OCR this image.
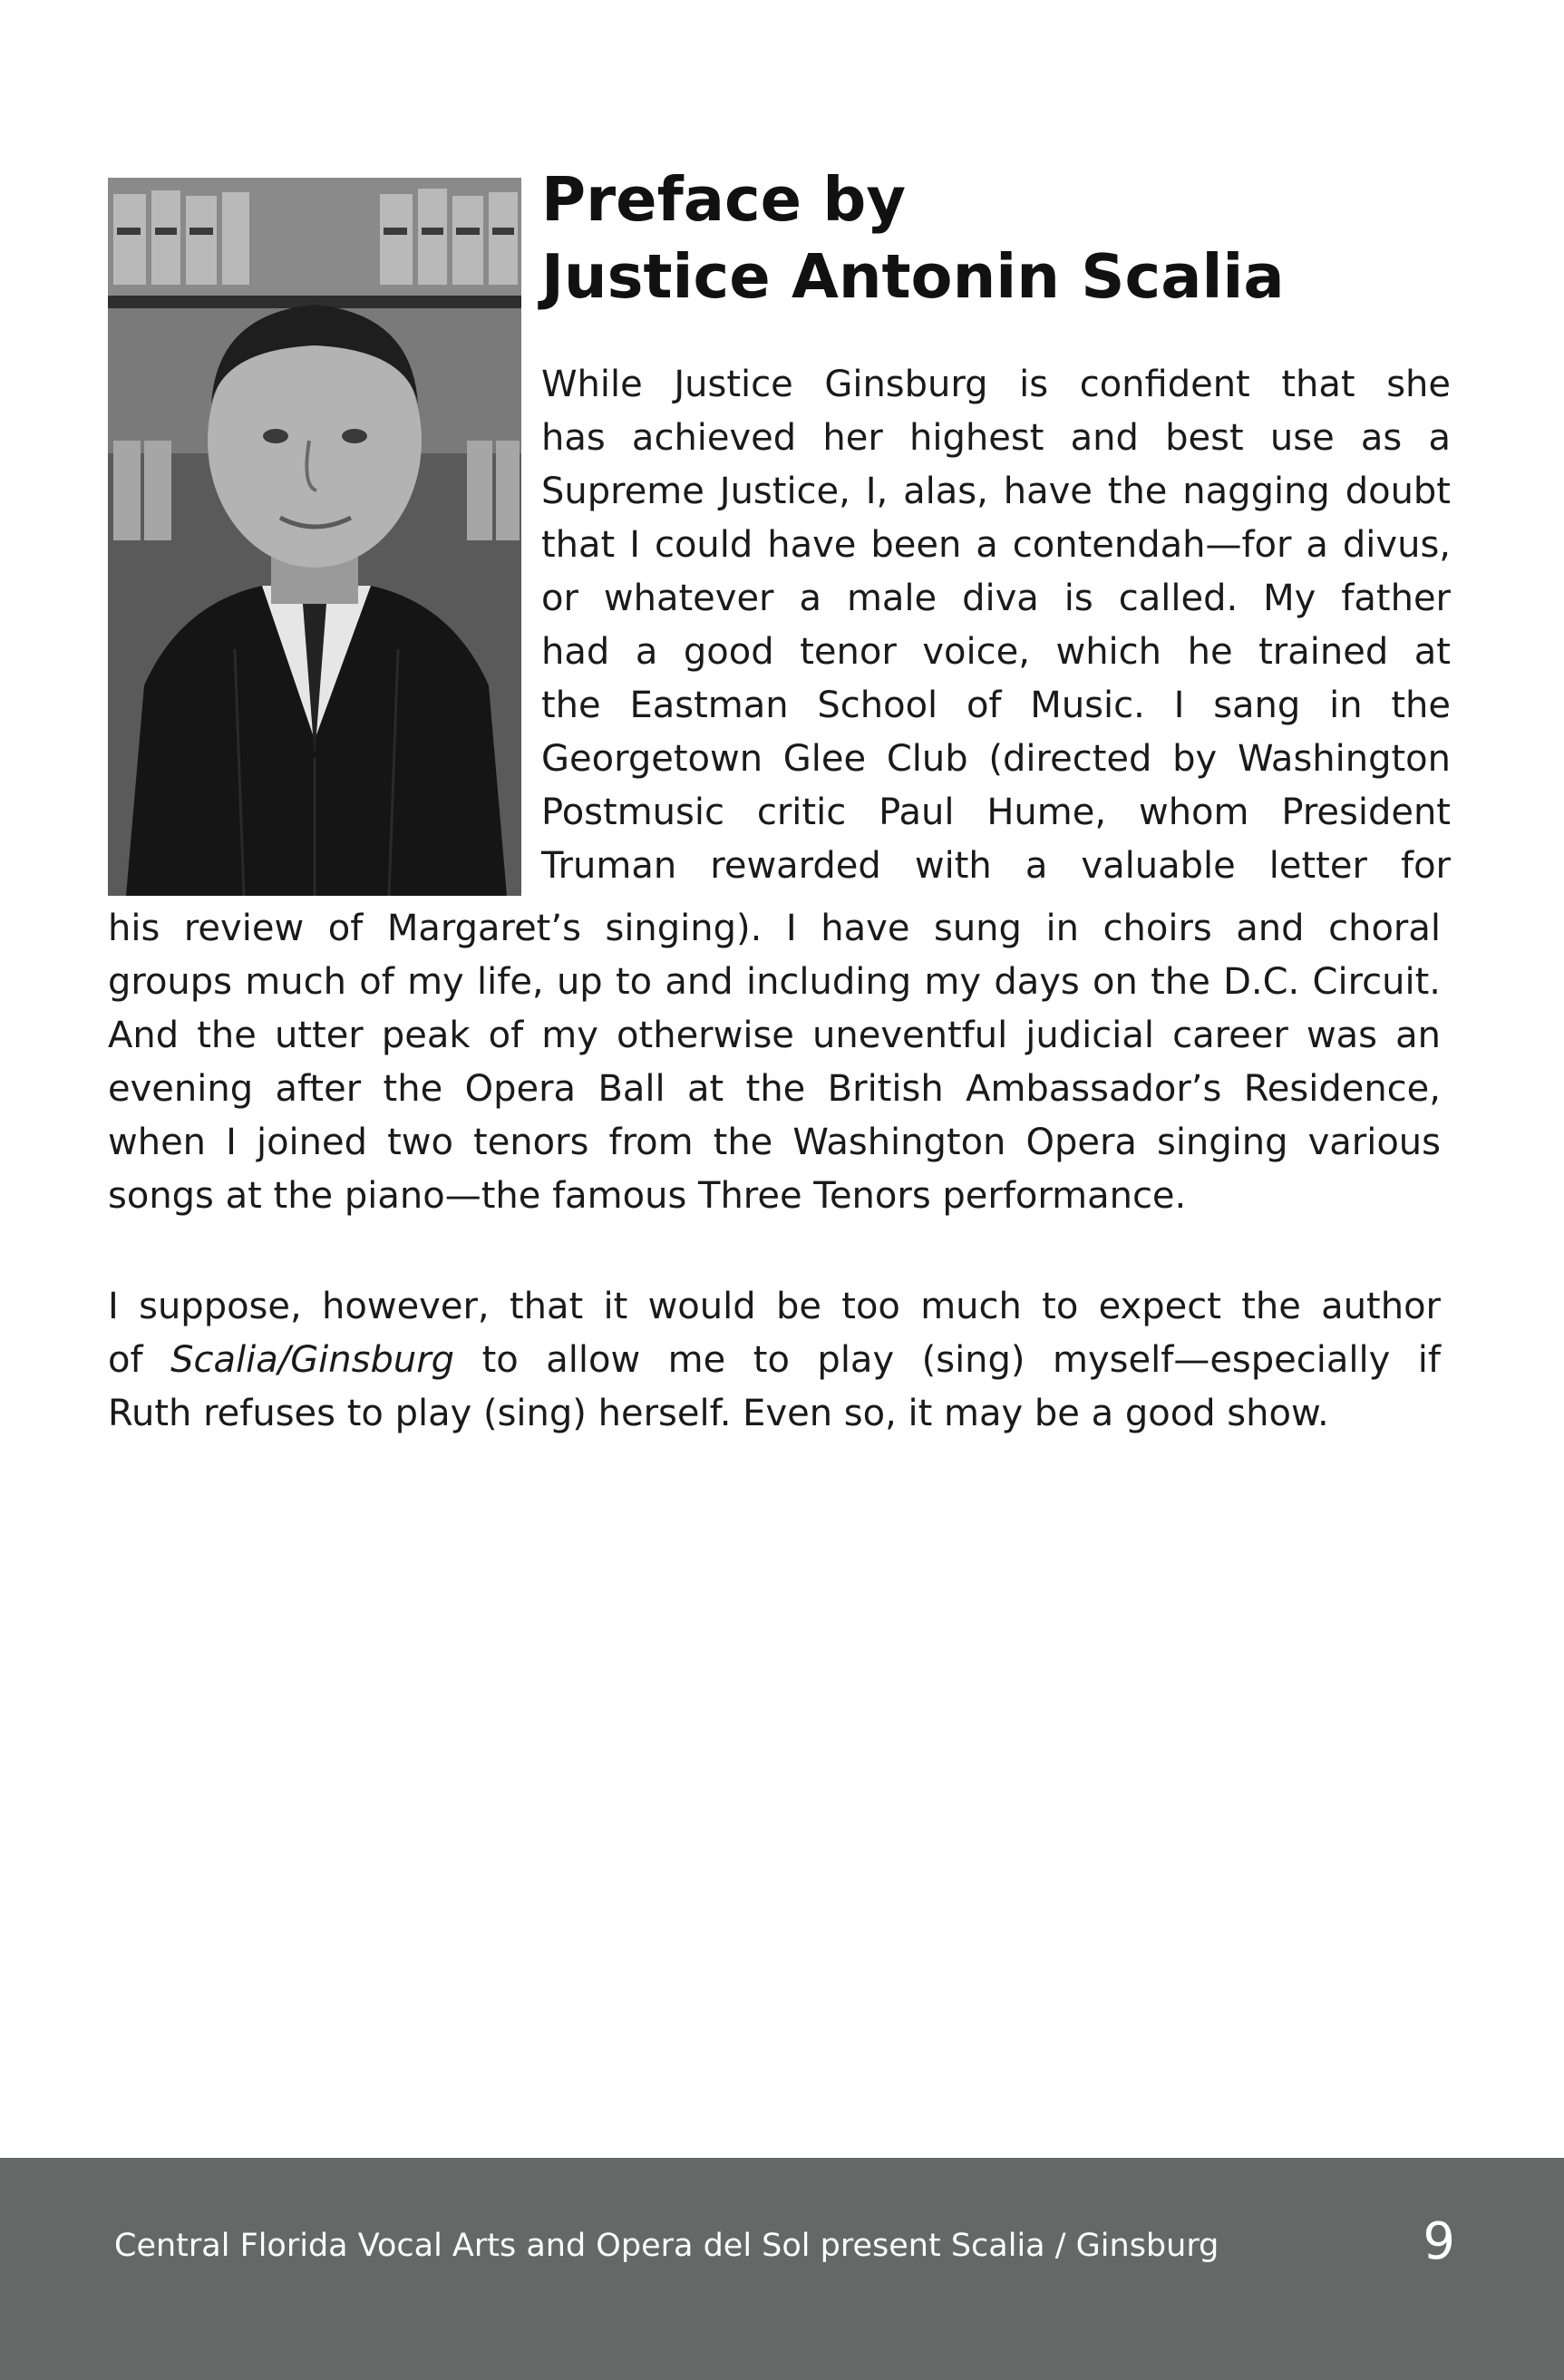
Preface by
Justice Antonin Scalia

While Justice Ginsburg is confident that she
has achieved her highest and best use as a
Supreme Justice, I, alas, have the nagging doubt
that I could have been a contendah—for a divus,
or whatever a male diva is called. My father
had a good tenor voice, which he trained at
the Eastman School of Music. I sang in the
Georgetown Glee Club (directed by Washington
Postmusic critic Paul Hume, whom President
Truman rewarded with a valuable letter for

his review of Margaret’s singing). I have sung in choirs and choral
groups much of my life, up to and including my days on the D.C. Circuit.
And the utter peak of my otherwise uneventful judicial career was an
evening after the Opera Ball at the British Ambassador’s Residence,
when I joined two tenors from the Washington Opera singing various
songs at the piano—the famous Three Tenors performance.

I suppose, however, that it would be too much to expect the author
of Scalia/Ginsburg to allow me to play (sing) myself—especially if
Ruth refuses to play (sing) herself. Even so, it may be a good show.

Central Florida Vocal Arts and Opera del Sol present Scalia / Ginsburg	9
